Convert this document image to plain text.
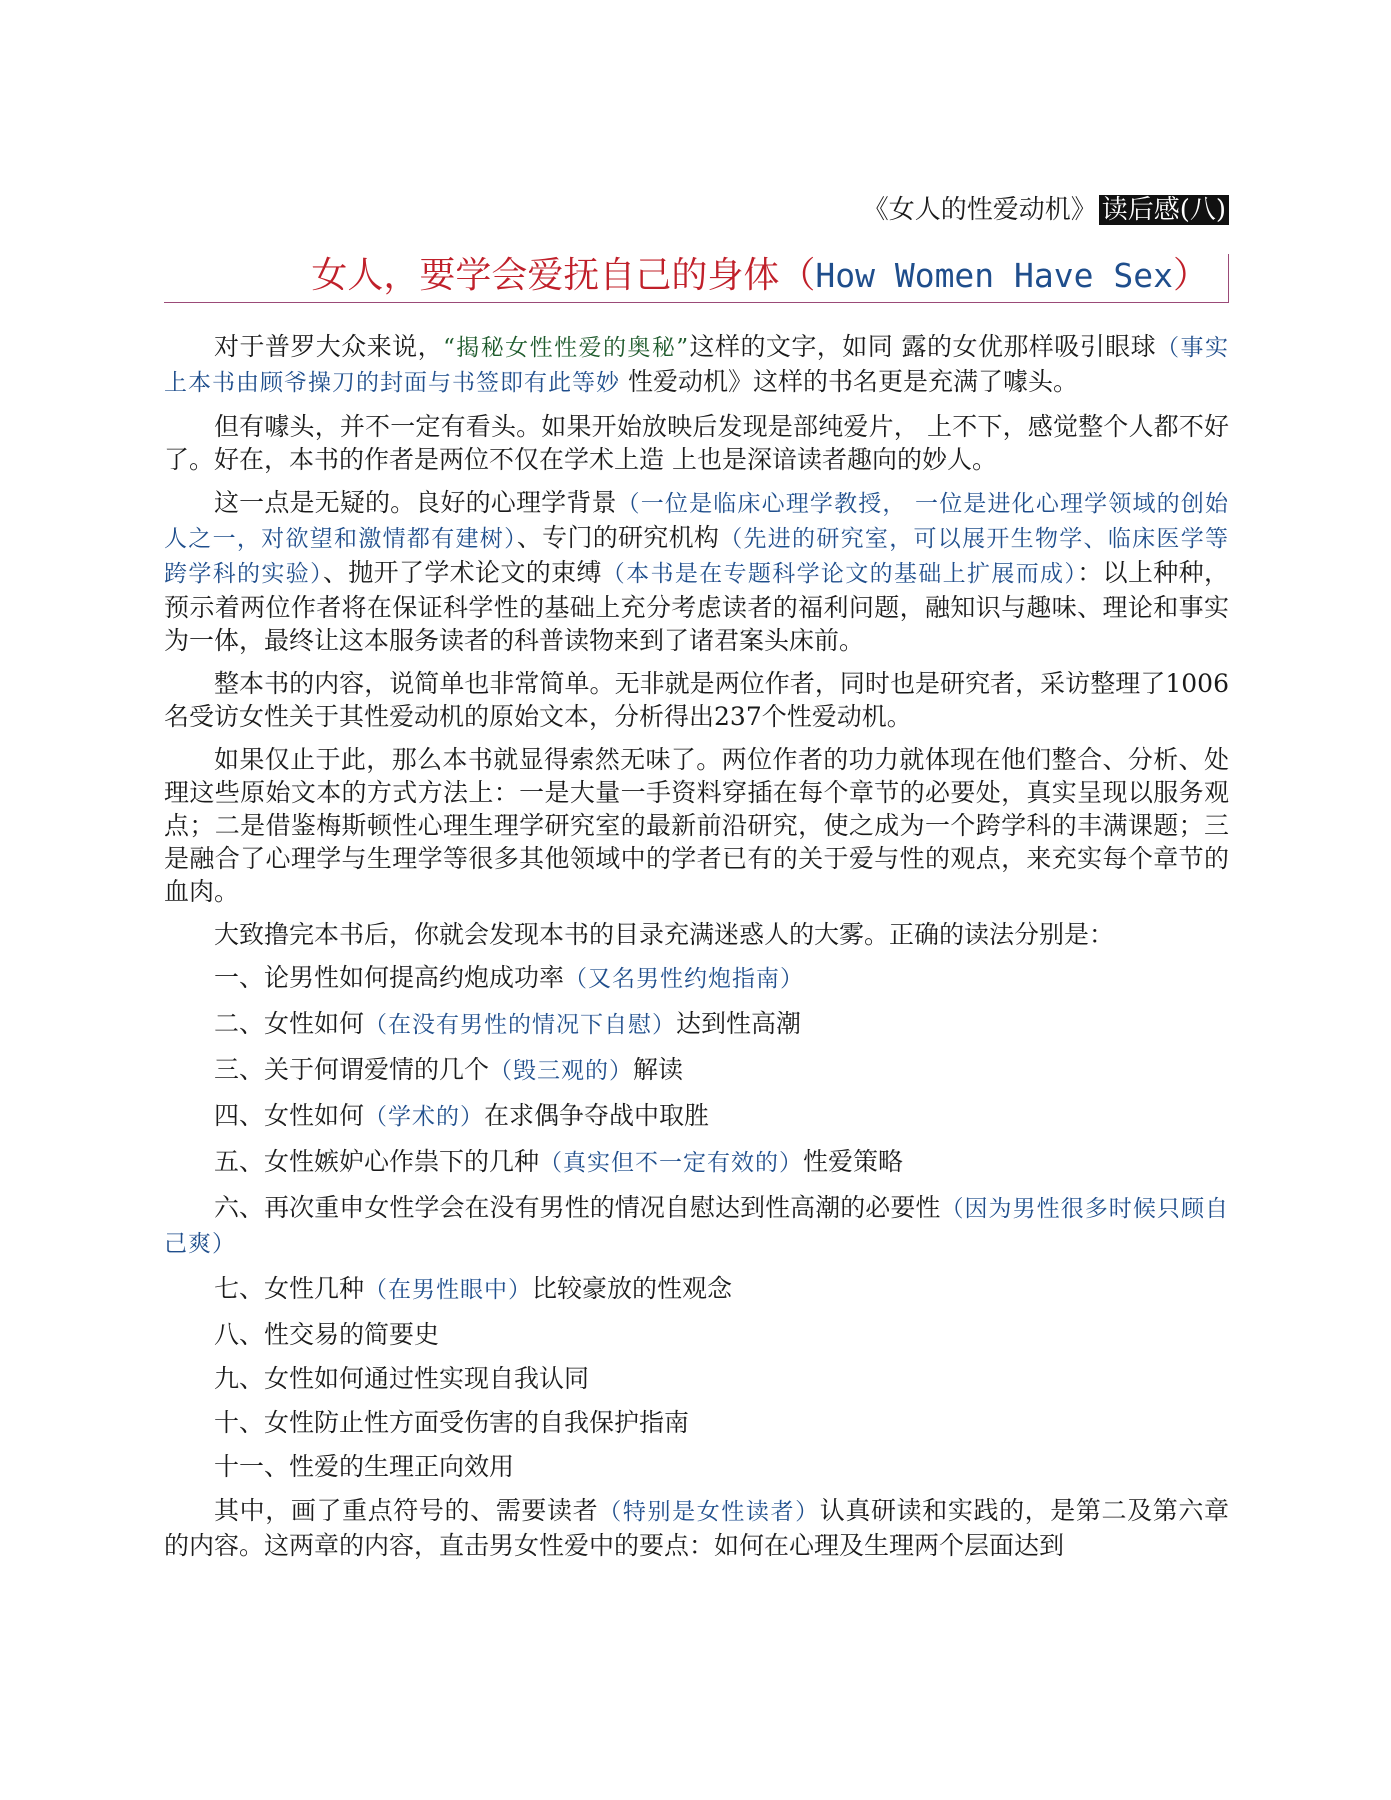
《女人的性爱动机》 读后感(八)
女人，要学会爱抚自己的身体（How Women Have Sex）

对于普罗大众来说，“揭秘女性性爱的奥秘”这样的文字，如同 露的女优那样吸引眼球（事实上本书由顾爷操刀的封面与书签即有此等妙 性爱动机》这样的书名更是充满了噱头。

但有噱头，并不一定有看头。如果开始放映后发现是部纯爱片， 上不下，感觉整个人都不好了。好在，本书的作者是两位不仅在学术上造 上也是深谙读者趣向的妙人。

这一点是无疑的。良好的心理学背景（一位是临床心理学教授， 一位是进化心理学领域的创始人之一，对欲望和激情都有建树）、专门的研究机构（先进的研究室，可以展开生物学、临床医学等跨学科的实验）、抛开了学术论文的束缚（本书是在专题科学论文的基础上扩展而成）：以上种种，预示着两位作者将在保证科学性的基础上充分考虑读者的福利问题，融知识与趣味、理论和事实为一体，最终让这本服务读者的科普读物来到了诸君案头床前。

整本书的内容，说简单也非常简单。无非就是两位作者，同时也是研究者，采访整理了1006名受访女性关于其性爱动机的原始文本，分析得出237个性爱动机。

如果仅止于此，那么本书就显得索然无味了。两位作者的功力就体现在他们整合、分析、处理这些原始文本的方式方法上：一是大量一手资料穿插在每个章节的必要处，真实呈现以服务观点；二是借鉴梅斯顿性心理生理学研究室的最新前沿研究，使之成为一个跨学科的丰满课题；三是融合了心理学与生理学等很多其他领域中的学者已有的关于爱与性的观点，来充实每个章节的血肉。

大致撸完本书后，你就会发现本书的目录充满迷惑人的大雾。正确的读法分别是：

一、论男性如何提高约炮成功率（又名男性约炮指南）

二、女性如何（在没有男性的情况下自慰）达到性高潮

三、关于何谓爱情的几个（毁三观的）解读

四、女性如何（学术的）在求偶争夺战中取胜

五、女性嫉妒心作祟下的几种（真实但不一定有效的）性爱策略

六、再次重申女性学会在没有男性的情况自慰达到性高潮的必要性（因为男性很多时候只顾自己爽）

七、女性几种（在男性眼中）比较豪放的性观念

八、性交易的简要史

九、女性如何通过性实现自我认同

十、女性防止性方面受伤害的自我保护指南

十一、性爱的生理正向效用

其中，画了重点符号的、需要读者（特别是女性读者）认真研读和实践的，是第二及第六章的内容。这两章的内容，直击男女性爱中的要点：如何在心理及生理两个层面达到
